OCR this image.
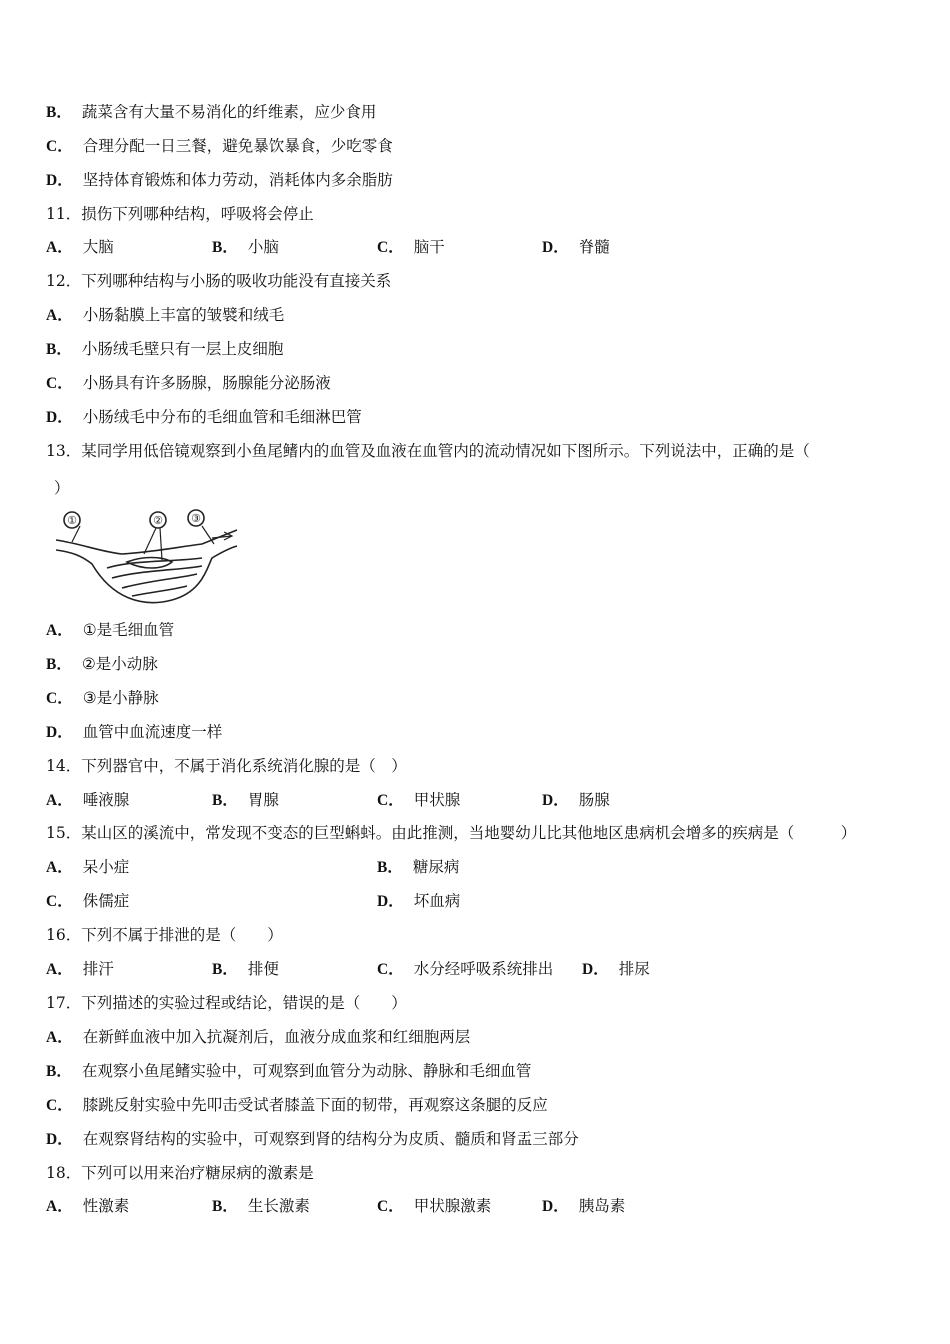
B． 蔬菜含有大量不易消化的纤维素，应少食用
C． 合理分配一日三餐，避免暴饮暴食，少吃零食
D． 坚持体育锻炼和体力劳动，消耗体内多余脂肪
11．损伤下列哪种结构，呼吸将会停止
A． 大脑	B． 小脑	C． 脑干	D． 脊髓
12．下列哪种结构与小肠的吸收功能没有直接关系
A． 小肠黏膜上丰富的皱襞和绒毛
B． 小肠绒毛壁只有一层上皮细胞
C． 小肠具有许多肠腺，肠腺能分泌肠液
D． 小肠绒毛中分布的毛细血管和毛细淋巴管
13．某同学用低倍镜观察到小鱼尾鳍内的血管及血液在血管内的流动情况如下图所示。下列说法中，正确的是（
）
①	②	③
A． ①是毛细血管
B． ②是小动脉
C． ③是小静脉
D． 血管中血流速度一样
14．下列器官中，不属于消化系统消化腺的是（　）
A． 唾液腺	B． 胃腺	C． 甲状腺	D． 肠腺
15．某山区的溪流中，常发现不变态的巨型蝌蚪。由此推测，当地婴幼儿比其他地区患病机会增多的疾病是（　　　）
A． 呆小症	B． 糖尿病
C． 侏儒症	D． 坏血病
16．下列不属于排泄的是（　　）
A． 排汗	B． 排便	C． 水分经呼吸系统排出 D． 排尿
17．下列描述的实验过程或结论，错误的是（　　）
A． 在新鲜血液中加入抗凝剂后，血液分成血浆和红细胞两层
B． 在观察小鱼尾鳍实验中，可观察到血管分为动脉、静脉和毛细血管
C． 膝跳反射实验中先叩击受试者膝盖下面的韧带，再观察这条腿的反应
D． 在观察肾结构的实验中，可观察到肾的结构分为皮质、髓质和肾盂三部分
18．下列可以用来治疗糖尿病的激素是
A． 性激素	B． 生长激素	C． 甲状腺激素	D． 胰岛素
